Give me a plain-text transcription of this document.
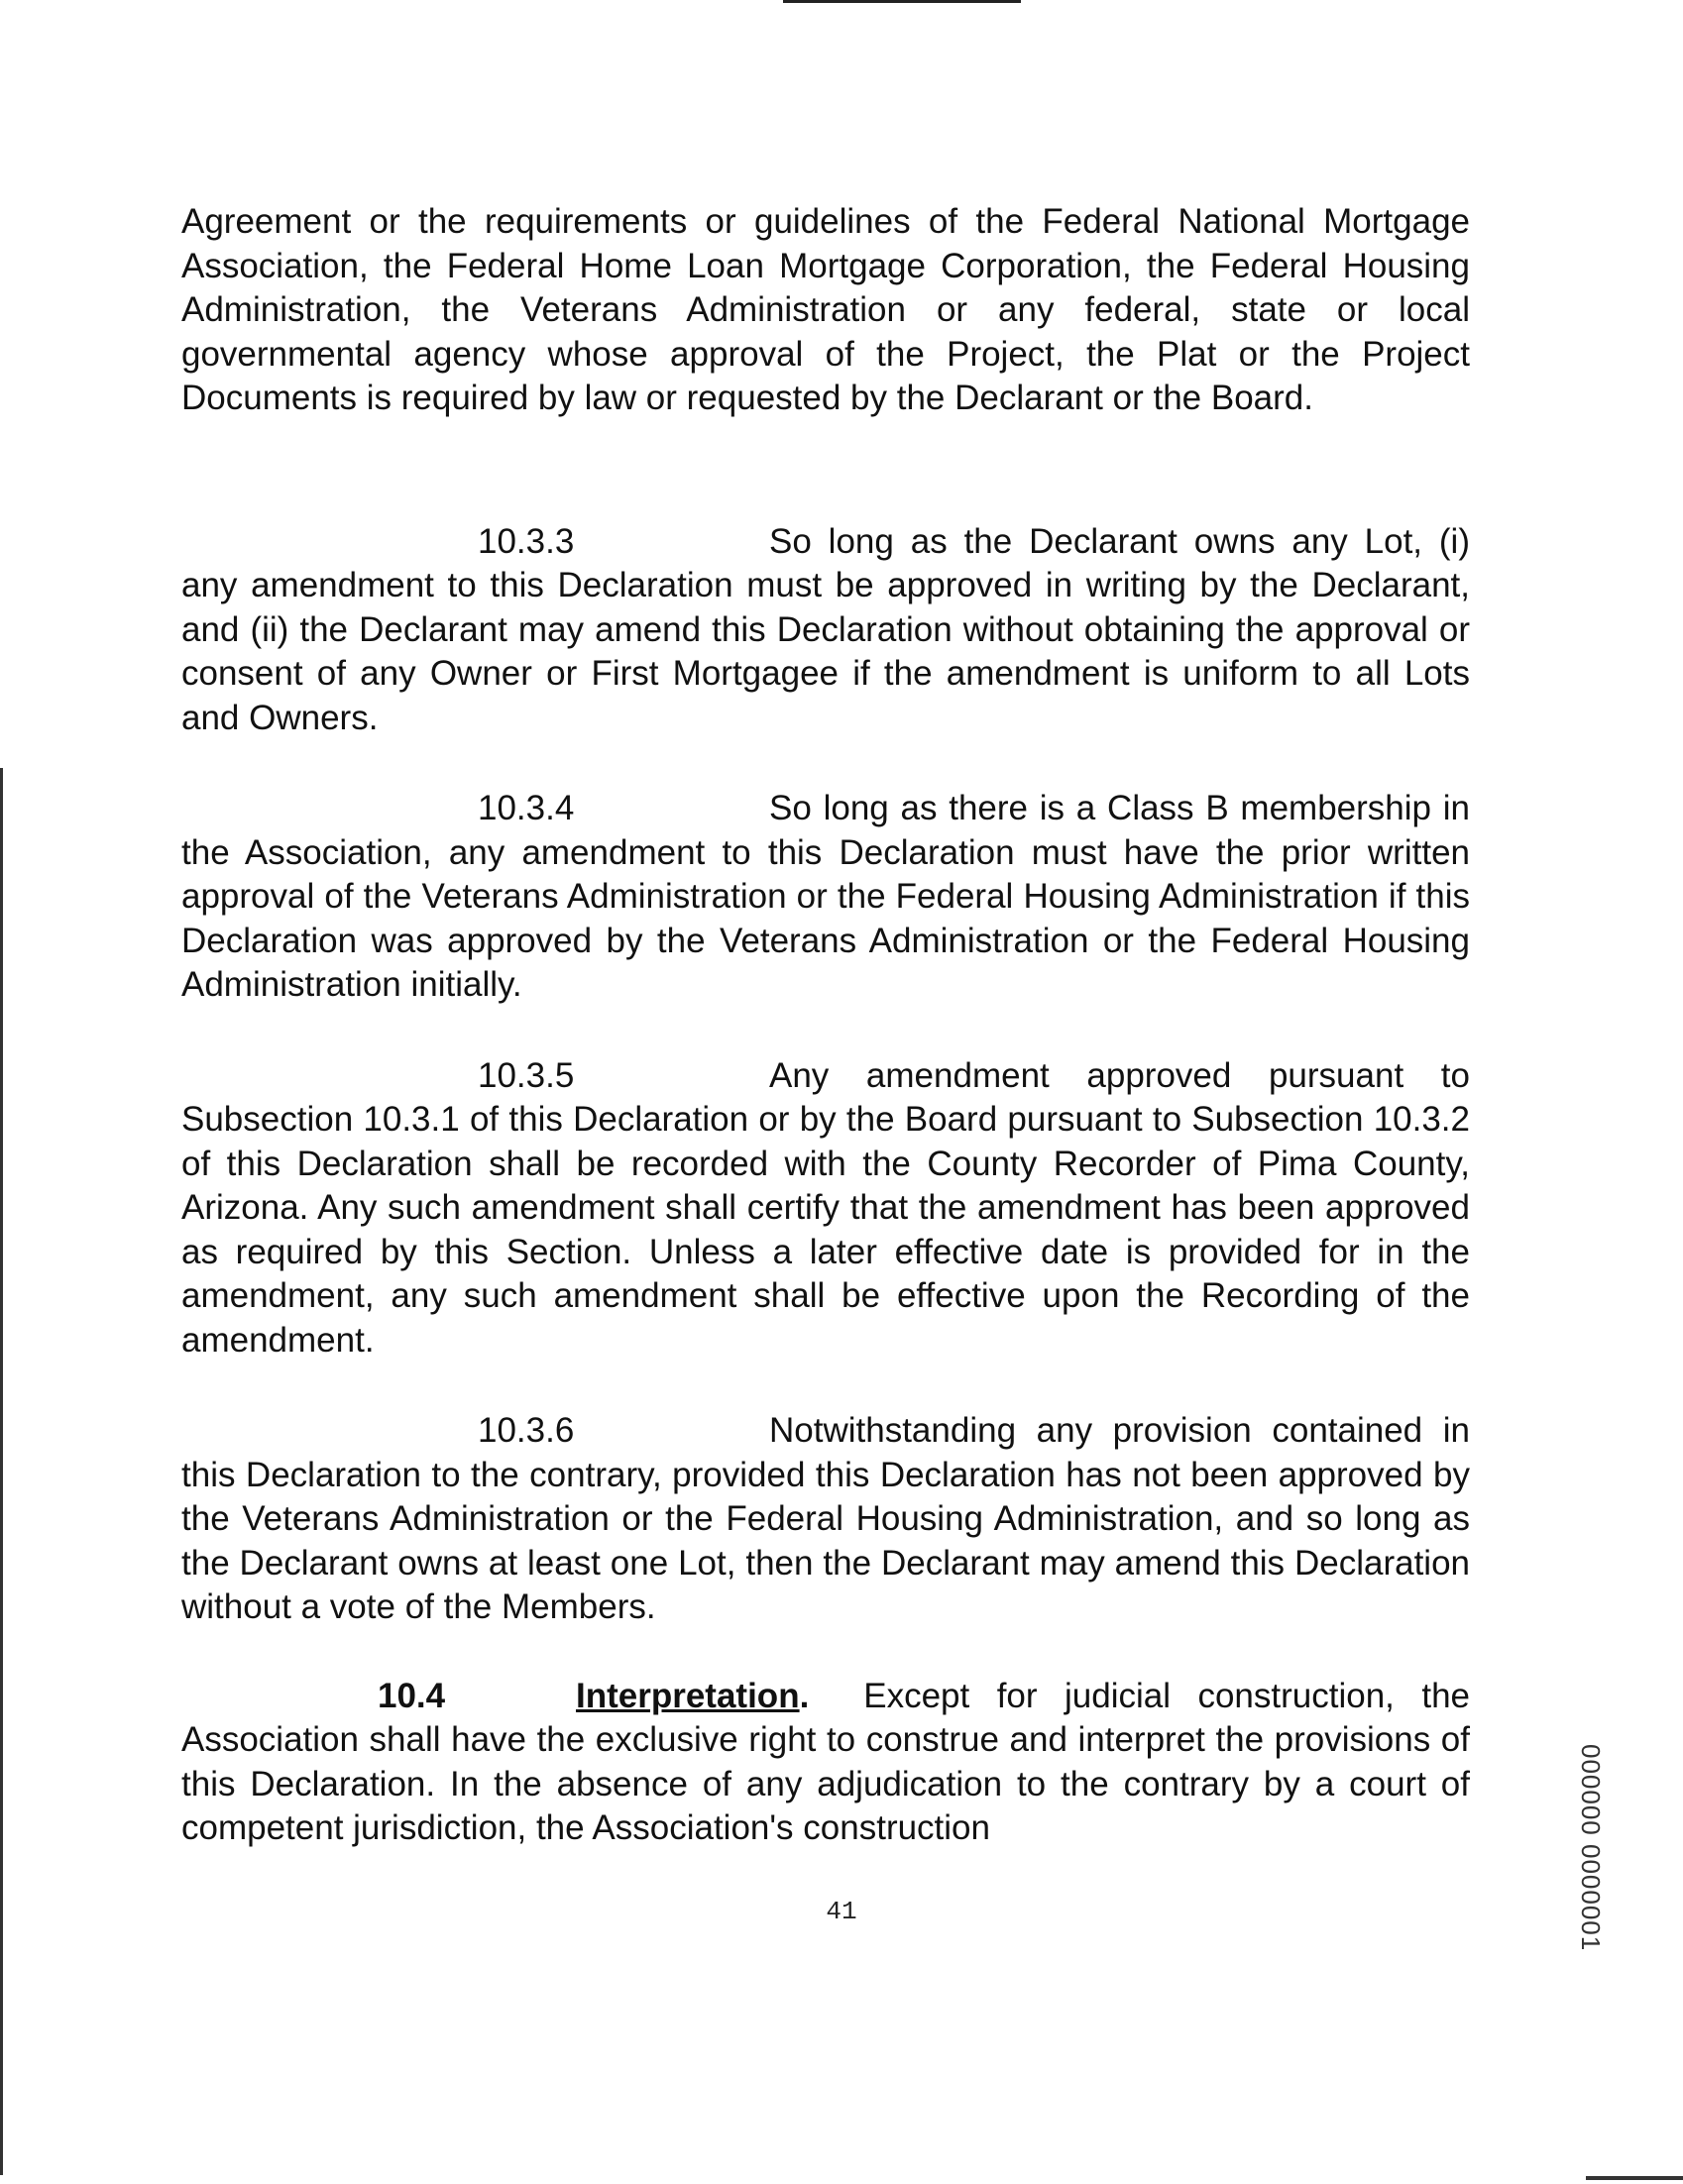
Agreement or the requirements or guidelines of the Federal National Mortgage Association, the Federal Home Loan Mortgage Corporation, the Federal Housing Administration, the Veterans Administration or any federal, state or local governmental agency whose approval of the Project, the Plat or the Project Documents is required by law or requested by the Declarant or the Board.

10.3.3	So long as the Declarant owns any Lot, (i) any amendment to this Declaration must be approved in writing by the Declarant, and (ii) the Declarant may amend this Declaration without obtaining the approval or consent of any Owner or First Mortgagee if the amendment is uniform to all Lots and Owners.

10.3.4	So long as there is a Class B membership in the Association, any amendment to this Declaration must have the prior written approval of the Veterans Administration or the Federal Housing Administration if this Declaration was approved by the Veterans Administration or the Federal Housing Administration initially.

10.3.5	Any amendment approved pursuant to Subsection 10.3.1 of this Declaration or by the Board pursuant to Subsection 10.3.2 of this Declaration shall be recorded with the County Recorder of Pima County, Arizona. Any such amendment shall certify that the amendment has been approved as required by this Section. Unless a later effective date is provided for in the amendment, any such amendment shall be effective upon the Recording of the amendment.

10.3.6	Notwithstanding any provision contained in this Declaration to the contrary, provided this Declaration has not been approved by the Veterans Administration or the Federal Housing Administration, and so long as the Declarant owns at least one Lot, then the Declarant may amend this Declaration without a vote of the Members.

10.4	Interpretation. Except for judicial construction, the Association shall have the exclusive right to construe and interpret the provisions of this Declaration. In the absence of any adjudication to the contrary by a court of competent jurisdiction, the Association's construction

41	000000 0000001
